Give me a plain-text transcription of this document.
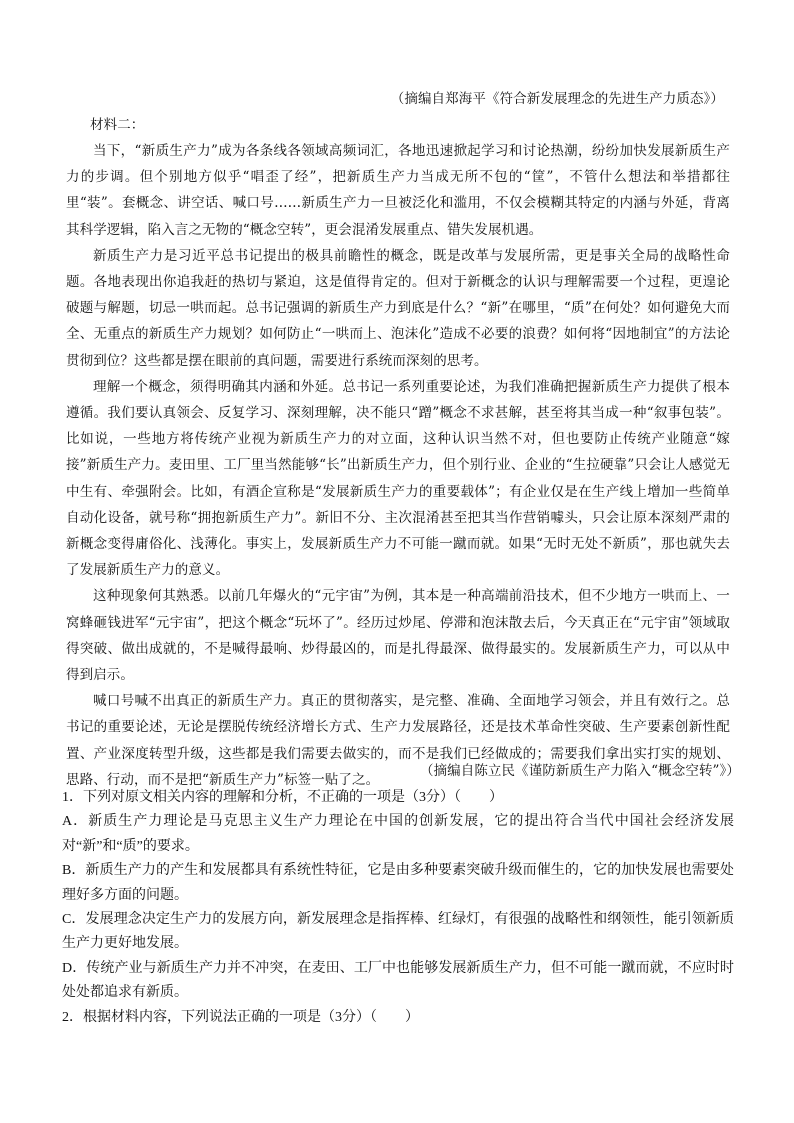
（摘编自郑海平《符合新发展理念的先进生产力质态》）
材料二：

当下，“新质生产力”成为各条线各领域高频词汇，各地迅速掀起学习和讨论热潮，纷纷加快发展新质生产力的步调。但个别地方似乎“唱歪了经”，把新质生产力当成无所不包的“筐”，不管什么想法和举措都往里“装”。套概念、讲空话、喊口号……新质生产力一旦被泛化和滥用，不仅会模糊其特定的内涵与外延，背离其科学逻辑，陷入言之无物的“概念空转”，更会混淆发展重点、错失发展机遇。

新质生产力是习近平总书记提出的极具前瞻性的概念，既是改革与发展所需，更是事关全局的战略性命题。各地表现出你追我赶的热切与紧迫，这是值得肯定的。但对于新概念的认识与理解需要一个过程，更遑论破题与解题，切忌一哄而起。总书记强调的新质生产力到底是什么？“新”在哪里，“质”在何处？如何避免大而全、无重点的新质生产力规划？如何防止“一哄而上、泡沫化”造成不必要的浪费？如何将“因地制宜”的方法论贯彻到位？这些都是摆在眼前的真问题，需要进行系统而深刻的思考。

理解一个概念，须得明确其内涵和外延。总书记一系列重要论述，为我们准确把握新质生产力提供了根本遵循。我们要认真领会、反复学习、深刻理解，决不能只“蹭”概念不求甚解，甚至将其当成一种“叙事包装”。比如说，一些地方将传统产业视为新质生产力的对立面，这种认识当然不对，但也要防止传统产业随意“嫁接”新质生产力。麦田里、工厂里当然能够“长”出新质生产力，但个别行业、企业的“生拉硬靠”只会让人感觉无中生有、牵强附会。比如，有酒企宣称是“发展新质生产力的重要载体”；有企业仅是在生产线上增加一些简单自动化设备，就号称“拥抱新质生产力”。新旧不分、主次混淆甚至把其当作营销噱头，只会让原本深刻严肃的新概念变得庸俗化、浅薄化。事实上，发展新质生产力不可能一蹴而就。如果“无时无处不新质”，那也就失去了发展新质生产力的意义。

这种现象何其熟悉。以前几年爆火的“元宇宙”为例，其本是一种高端前沿技术，但不少地方一哄而上、一窝蜂砸钱进军“元宇宙”，把这个概念“玩坏了”。经历过炒尾、停滞和泡沫散去后，今天真正在“元宇宙”领域取得突破、做出成就的，不是喊得最响、炒得最凶的，而是扎得最深、做得最实的。发展新质生产力，可以从中得到启示。

喊口号喊不出真正的新质生产力。真正的贯彻落实，是完整、准确、全面地学习领会，并且有效行之。总书记的重要论述，无论是摆脱传统经济增长方式、生产力发展路径，还是技术革命性突破、生产要素创新性配置、产业深度转型升级，这些都是我们需要去做实的，而不是我们已经做成的；需要我们拿出实打实的规划、思路、行动，而不是把“新质生产力”标签一贴了之。

（摘编自陈立民《谨防新质生产力陷入“概念空转”》）
1．下列对原文相关内容的理解和分析，不正确的一项是（3分）（　　）
A．新质生产力理论是马克思主义生产力理论在中国的创新发展，它的提出符合当代中国社会经济发展对“新”和“质”的要求。
B．新质生产力的产生和发展都具有系统性特征，它是由多种要素突破升级而催生的，它的加快发展也需要处理好多方面的问题。
C．发展理念决定生产力的发展方向，新发展理念是指挥棒、红绿灯，有很强的战略性和纲领性，能引领新质生产力更好地发展。
D．传统产业与新质生产力并不冲突，在麦田、工厂中也能够发展新质生产力，但不可能一蹴而就，不应时时处处都追求有新质。
2．根据材料内容，下列说法正确的一项是（3分）（　　）
